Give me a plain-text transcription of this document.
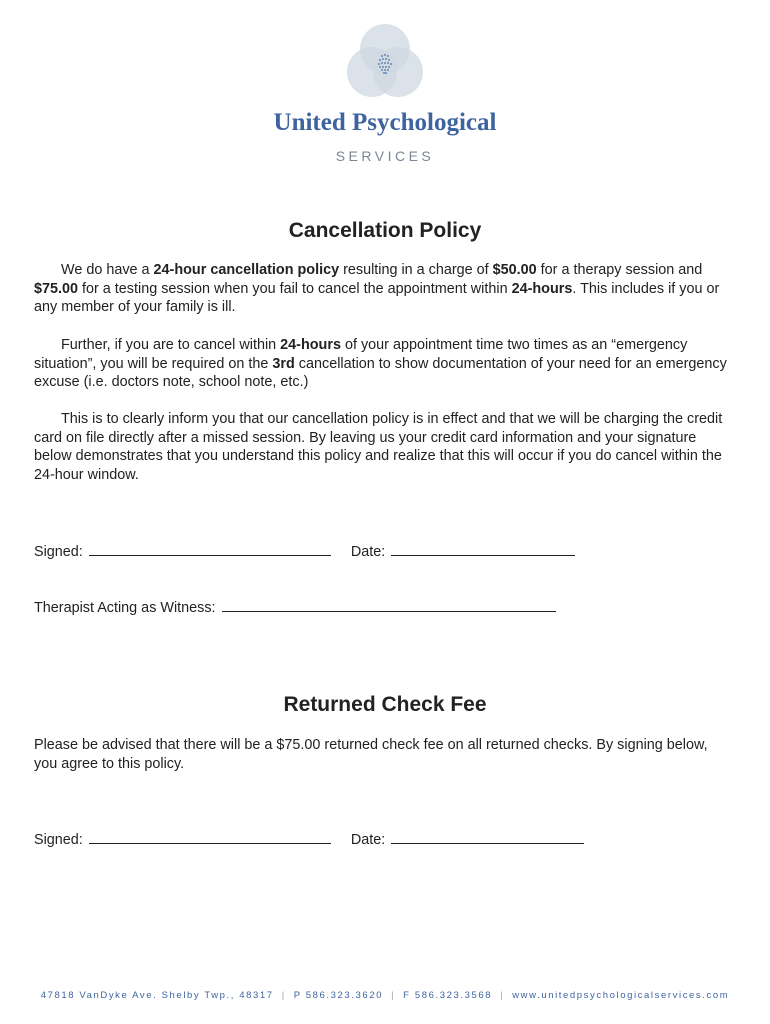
United Psychological
SERVICES
Cancellation Policy

We do have a 24-hour cancellation policy resulting in a charge of $50.00 for a therapy session and $75.00 for a testing session when you fail to cancel the appointment within 24-hours. This includes if you or any member of your family is ill.

Further, if you are to cancel within 24-hours of your appointment time two times as an “emergency situation”, you will be required on the 3rd cancellation to show documentation of your need for an emergency excuse (i.e. doctors note, school note, etc.)

This is to clearly inform you that our cancellation policy is in effect and that we will be charging the credit card on file directly after a missed session. By leaving us your credit card information and your signature below demonstrates that you understand this policy and realize that this will occur if you do cancel within the 24-hour window.

Signed:	Date:
Therapist Acting as Witness:
Returned Check Fee

Please be advised that there will be a $75.00 returned check fee on all returned checks. By signing below, you agree to this policy.

Signed:	Date:
47818 VanDyke Ave. Shelby Twp., 48317 | P 586.323.3620 | F 586.323.3568 | www.unitedpsychologicalservices.com
